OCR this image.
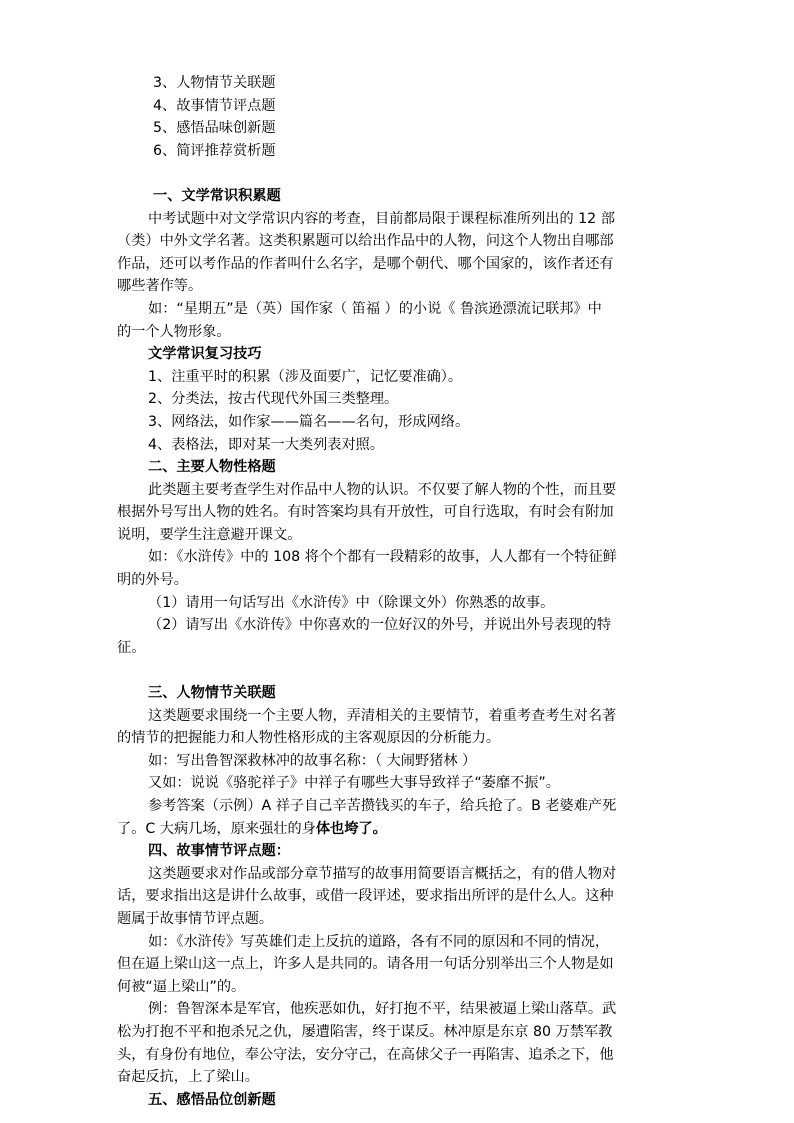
3、人物情节关联题
4、故事情节评点题
5、感悟品味创新题
6、简评推荐赏析题
一、文学常识积累题
中考试题中对文学常识内容的考查，目前都局限于课程标准所列出的 12 部
（类）中外文学名著。这类积累题可以给出作品中的人物，问这个人物出自哪部
作品，还可以考作品的作者叫什么名字，是哪个朝代、哪个国家的，该作者还有
哪些著作等。
如：“星期五”是（英）国作家（ 笛福 ）的小说《 鲁滨逊漂流记联邦》中
的一个人物形象。
文学常识复习技巧
1、注重平时的积累（涉及面要广，记忆要准确）。
2、分类法，按古代现代外国三类整理。
3、网络法，如作家——篇名——名句，形成网络。
4、表格法，即对某一大类列表对照。
二、主要人物性格题
此类题主要考查学生对作品中人物的认识。不仅要了解人物的个性，而且要
根据外号写出人物的姓名。有时答案均具有开放性，可自行选取，有时会有附加
说明，要学生注意避开课文。
如：《水浒传》中的 108 将个个都有一段精彩的故事，人人都有一个特征鲜
明的外号。
（1）请用一句话写出《水浒传》中（除课文外）你熟悉的故事。
（2）请写出《水浒传》中你喜欢的一位好汉的外号，并说出外号表现的特
征。
三、人物情节关联题
这类题要求围绕一个主要人物，弄清相关的主要情节，着重考查考生对名著
的情节的把握能力和人物性格形成的主客观原因的分析能力。
如：写出鲁智深救林冲的故事名称：（ 大闹野猪林 ）
又如：说说《骆驼祥子》中祥子有哪些大事导致祥子“萎靡不振”。
参考答案（示例）A 祥子自己辛苦攒钱买的车子，给兵抢了。B 老婆难产死
了。C 大病几场，原来强壮的身体也垮了。
四、故事情节评点题：
这类题要求对作品或部分章节描写的故事用简要语言概括之，有的借人物对
话，要求指出这是讲什么故事，或借一段评述，要求指出所评的是什么人。这种
题属于故事情节评点题。
如：《水浒传》写英雄们走上反抗的道路，各有不同的原因和不同的情况，
但在逼上梁山这一点上，许多人是共同的。请各用一句话分别举出三个人物是如
何被“逼上梁山”的。
例：鲁智深本是军官，他疾恶如仇，好打抱不平，结果被逼上梁山落草。武
松为打抱不平和抱杀兄之仇，屡遭陷害，终于谋反。林冲原是东京 80 万禁军教
头，有身份有地位，奉公守法，安分守己，在高俅父子一再陷害、追杀之下，他
奋起反抗，上了梁山。
五、感悟品位创新题
